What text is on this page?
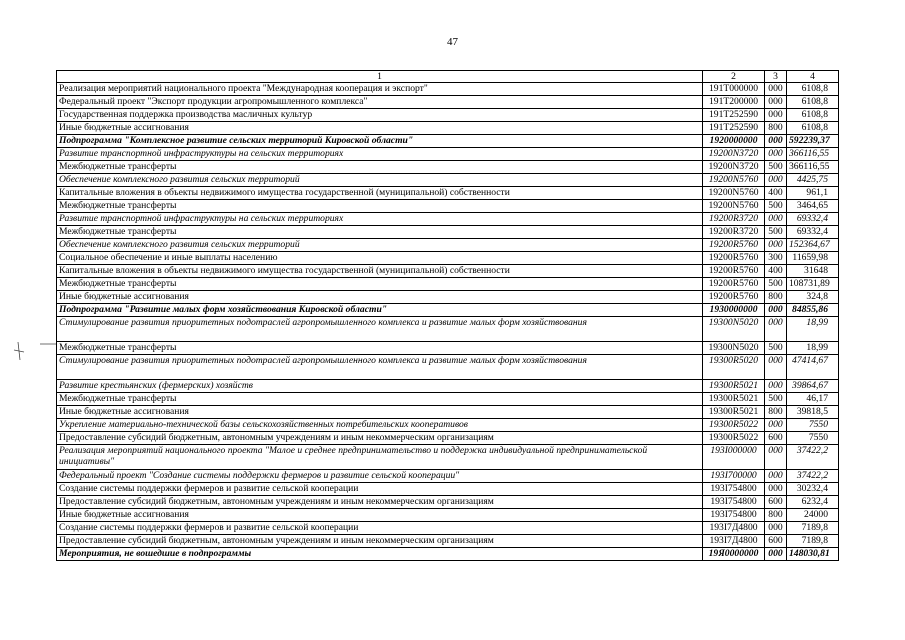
47
1	2	3	4
Реализация мероприятий национального проекта "Международная кооперация и экспорт"	191T000000	000	6108,8
Федеральный проект "Экспорт продукции агропромышленного комплекса"	191T200000	000	6108,8
Государственная поддержка производства масличных культур	191T252590	000	6108,8
Иные бюджетные ассигнования	191T252590	800	6108,8
Подпрограмма "Комплексное развитие сельских территорий Кировской области"	1920000000	000	592239,37
Развитие транспортной инфраструктуры на сельских территориях	19200N3720	000	366116,55
Межбюджетные трансферты	19200N3720	500	366116,55
Обеспечение комплексного развития сельских территорий	19200N5760	000	4425,75
Капитальные вложения в объекты недвижимого имущества государственной (муниципальной) собственности	19200N5760	400	961,1
Межбюджетные трансферты	19200N5760	500	3464,65
Развитие транспортной инфраструктуры на сельских территориях	19200R3720	000	69332,4
Межбюджетные трансферты	19200R3720	500	69332,4
Обеспечение комплексного развития сельских территорий	19200R5760	000	152364,67
Социальное обеспечение и иные выплаты населению	19200R5760	300	11659,98
Капитальные вложения в объекты недвижимого имущества государственной (муниципальной) собственности	19200R5760	400	31648
Межбюджетные трансферты	19200R5760	500	108731,89
Иные бюджетные ассигнования	19200R5760	800	324,8
Подпрограмма "Развитие малых форм хозяйствования Кировской области"	1930000000	000	84855,86
Стимулирование развития приоритетных подотраслей агропромышленного комплекса и развитие малых форм хозяйствования	19300N5020	000	18,99
Межбюджетные трансферты	19300N5020	500	18,99
Стимулирование развития приоритетных подотраслей агропромышленного комплекса и развитие малых форм хозяйствования	19300R5020	000	47414,67
Развитие крестьянских (фермерских) хозяйств	19300R5021	000	39864,67
Межбюджетные трансферты	19300R5021	500	46,17
Иные бюджетные ассигнования	19300R5021	800	39818,5
Укрепление материально-технической базы сельскохозяйственных потребительских кооперативов	19300R5022	000	7550
Предоставление субсидий бюджетным, автономным учреждениям и иным некоммерческим организациям	19300R5022	600	7550
Реализация мероприятий национального проекта "Малое и среднее предпринимательство и поддержка индивидуальной предпринимательской инициативы"	193I000000	000	37422,2
Федеральный проект "Создание системы поддержки фермеров и развитие сельской кооперации"	193I700000	000	37422,2
Создание системы поддержки фермеров и развитие сельской кооперации	193I754800	000	30232,4
Предоставление субсидий бюджетным, автономным учреждениям и иным некоммерческим организациям	193I754800	600	6232,4
Иные бюджетные ассигнования	193I754800	800	24000
Создание системы поддержки фермеров и развитие сельской кооперации	193I7Д4800	000	7189,8
Предоставление субсидий бюджетным, автономным учреждениям и иным некоммерческим организациям	193I7Д4800	600	7189,8
Мероприятия, не вошедшие в подпрограммы	19Я0000000	000	148030,81
